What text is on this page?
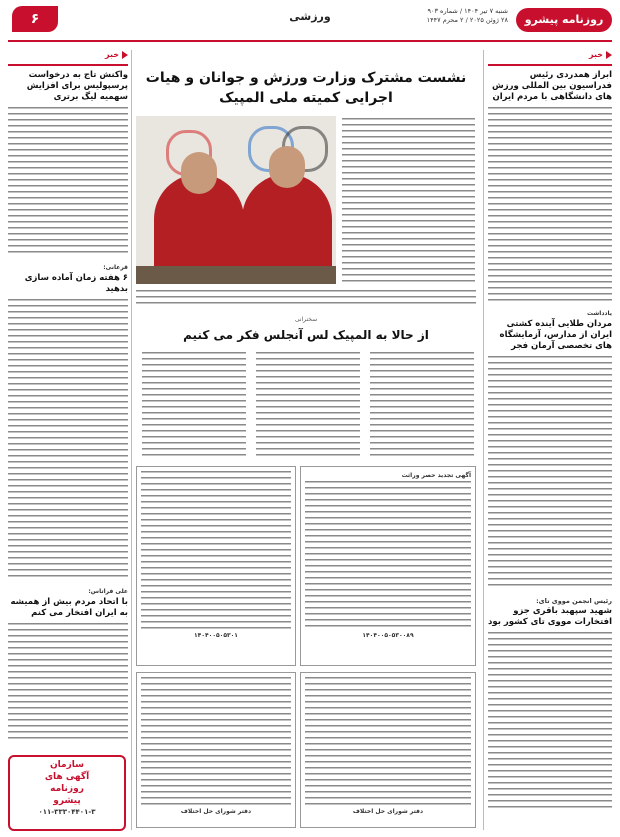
روزنامه پیشرو
شنبه ۷ تیر ۱۴۰۴ / شماره ۹۰۳
۲۸ ژوئن ۲۰۲۵ / ۲ محرم ۱۴۴۷
ورزشی
۶
خبر
ابراز همدردی رئیس فدراسیون بین المللی ورزش های دانشگاهی با مردم ایران
یادداشت
مردان طلایی آینده کشتی ایران از مدارس، آزمایشگاه های تخصصی آرمان فجر
رئیس انجمن مووی تای:
شهید سپهبد باقری جزو افتخارات مووی تای کشور بود
نشست مشترک وزارت ورزش و جوانان و هیات اجرایی کمیته ملی المپیک
سخنرانی
از حالا به المپیک لس آنجلس فکر می کنیم
۱۴۰۴۰۰۵۰۵۳۰۱
آگهی تجدید حصر وراثت
۱۴۰۴۰۰۵۰۵۳۰۰۸۹
دفتر شورای حل اختلاف	دفتر شورای حل اختلاف
خبر
واکنش تاج به درخواست پرسپولیس برای افزایش سهمیه لیگ برتری
قرعانی:
۶ هفته زمان آماده سازی بدهید
علی فراتاس:
با اتحاد مردم بیش از همیشه به ایران افتخار می کنم
سازمان
آگهی های
روزنامه
پیشرو
۰۱۱-۳۳۳۰۴۴۰۱-۳
